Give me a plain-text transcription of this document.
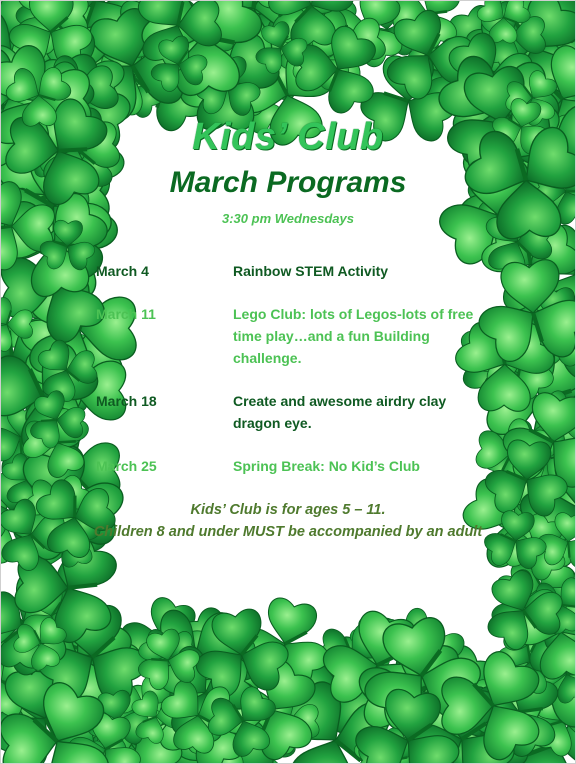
Kids’ Club
March Programs
3:30 pm Wednesdays
March 4	Rainbow STEM Activity
March 11	Lego Club: lots of Legos-lots of free time play…and a fun Building challenge.
March 18	Create and awesome airdry clay dragon eye.
March 25	Spring Break: No Kid’s Club
Kids’ Club is for ages 5 – 11.
Children 8 and under MUST be accompanied by an adult
